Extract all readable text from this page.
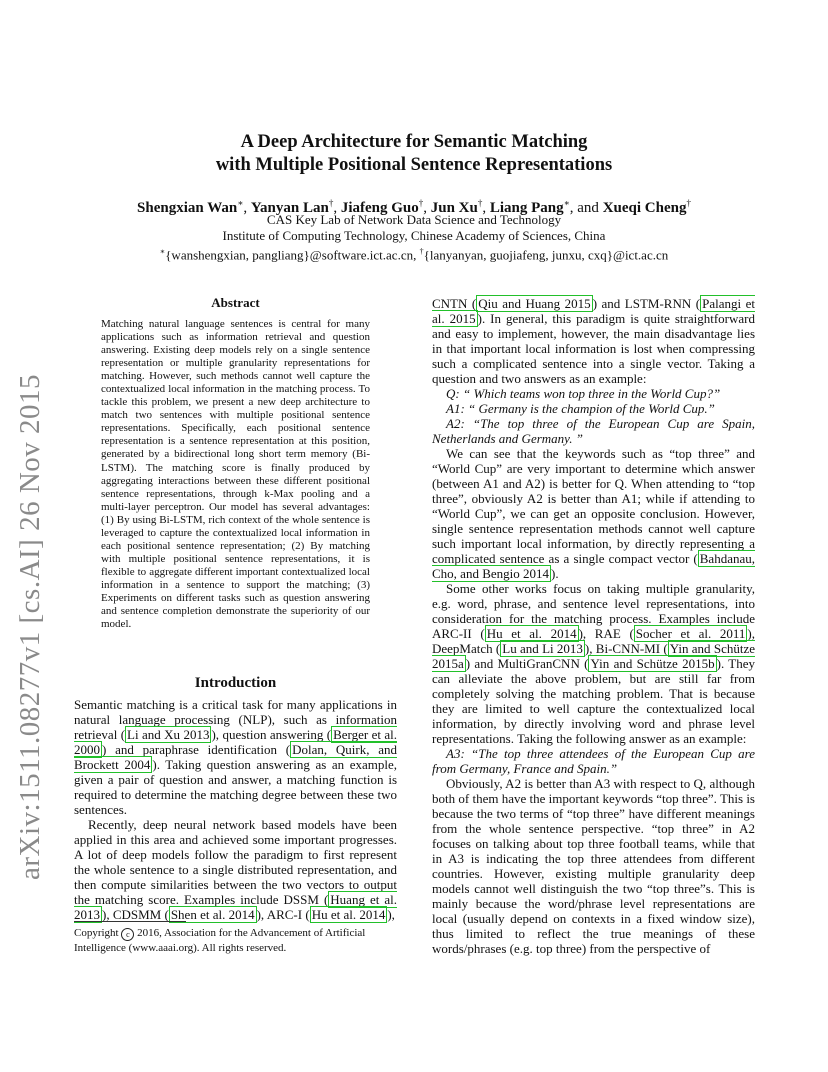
A Deep Architecture for Semantic Matching
with Multiple Positional Sentence Representations
Shengxian Wan∗, Yanyan Lan†, Jiafeng Guo†, Jun Xu†, Liang Pang∗, and Xueqi Cheng†
CAS Key Lab of Network Data Science and Technology
Institute of Computing Technology, Chinese Academy of Sciences, China
∗{wanshengxian, pangliang}@software.ict.ac.cn, †{lanyanyan, guojiafeng, junxu, cxq}@ict.ac.cn
arXiv:1511.08277v1 [cs.AI] 26 Nov 2015
Abstract
Matching natural language sentences is central for many applications such as information retrieval and question answering. Existing deep models rely on a single sentence representation or multiple granularity representations for matching. However, such methods cannot well capture the contextualized local information in the matching process. To tackle this problem, we present a new deep architecture to match two sentences with multiple positional sentence representations. Specifically, each positional sentence representation is a sentence representation at this position, generated by a bidirectional long short term memory (Bi-LSTM). The matching score is finally produced by aggregating interactions between these different positional sentence representations, through k-Max pooling and a multi-layer perceptron. Our model has several advantages: (1) By using Bi-LSTM, rich context of the whole sentence is leveraged to capture the contextualized local information in each positional sentence representation; (2) By matching with multiple positional sentence representations, it is flexible to aggregate different important contextualized local information in a sentence to support the matching; (3) Experiments on different tasks such as question answering and sentence completion demonstrate the superiority of our model.
Introduction

Semantic matching is a critical task for many applications in natural language processing (NLP), such as information retrieval ( Li and Xu 2013 ), question answering ( Berger et al. 2000 ) and paraphrase identification ( Dolan, Quirk, and Brockett 2004 ). Taking question answering as an example, given a pair of question and answer, a matching function is required to determine the matching degree between these two sentences.

Recently, deep neural network based models have been applied in this area and achieved some important progresses. A lot of deep models follow the paradigm to first represent the whole sentence to a single distributed representation, and then compute similarities between the two vectors to output the matching score. Examples include DSSM ( Huang et al. 2013 ), CDSMM ( Shen et al. 2014 ), ARC-I ( Hu et al. 2014 ),

Copyright c 2016, Association for the Advancement of Artificial Intelligence (www.aaai.org). All rights reserved.

CNTN ( Qiu and Huang 2015 ) and LSTM-RNN ( Palangi et al. 2015 ). In general, this paradigm is quite straightforward and easy to implement, however, the main disadvantage lies in that important local information is lost when compressing such a complicated sentence into a single vector. Taking a question and two answers as an example:

Q: “ Which teams won top three in the World Cup?”

A1: “ Germany is the champion of the World Cup.”

A2: “The top three of the European Cup are Spain, Netherlands and Germany. ”

We can see that the keywords such as “top three” and “World Cup” are very important to determine which answer (between A1 and A2) is better for Q. When attending to “top three”, obviously A2 is better than A1; while if attending to “World Cup”, we can get an opposite conclusion. However, single sentence representation methods cannot well capture such important local information, by directly representing a complicated sentence as a single compact vector ( Bahdanau, Cho, and Bengio 2014 ).

Some other works focus on taking multiple granularity, e.g. word, phrase, and sentence level representations, into consideration for the matching process. Examples include ARC-II ( Hu et al. 2014 ), RAE ( Socher et al. 2011 ), DeepMatch ( Lu and Li 2013 ), Bi-CNN-MI ( Yin and Schütze 2015a ) and MultiGranCNN ( Yin and Schütze 2015b ). They can alleviate the above problem, but are still far from completely solving the matching problem. That is because they are limited to well capture the contextualized local information, by directly involving word and phrase level representations. Taking the following answer as an example:

A3: “The top three attendees of the European Cup are from Germany, France and Spain.”

Obviously, A2 is better than A3 with respect to Q, although both of them have the important keywords “top three”. This is because the two terms of “top three” have different meanings from the whole sentence perspective. “top three” in A2 focuses on talking about top three football teams, while that in A3 is indicating the top three attendees from different countries. However, existing multiple granularity deep models cannot well distinguish the two “top three”s. This is mainly because the word/phrase level representations are local (usually depend on contexts in a fixed window size), thus limited to reflect the true meanings of these words/phrases (e.g. top three) from the perspective of
